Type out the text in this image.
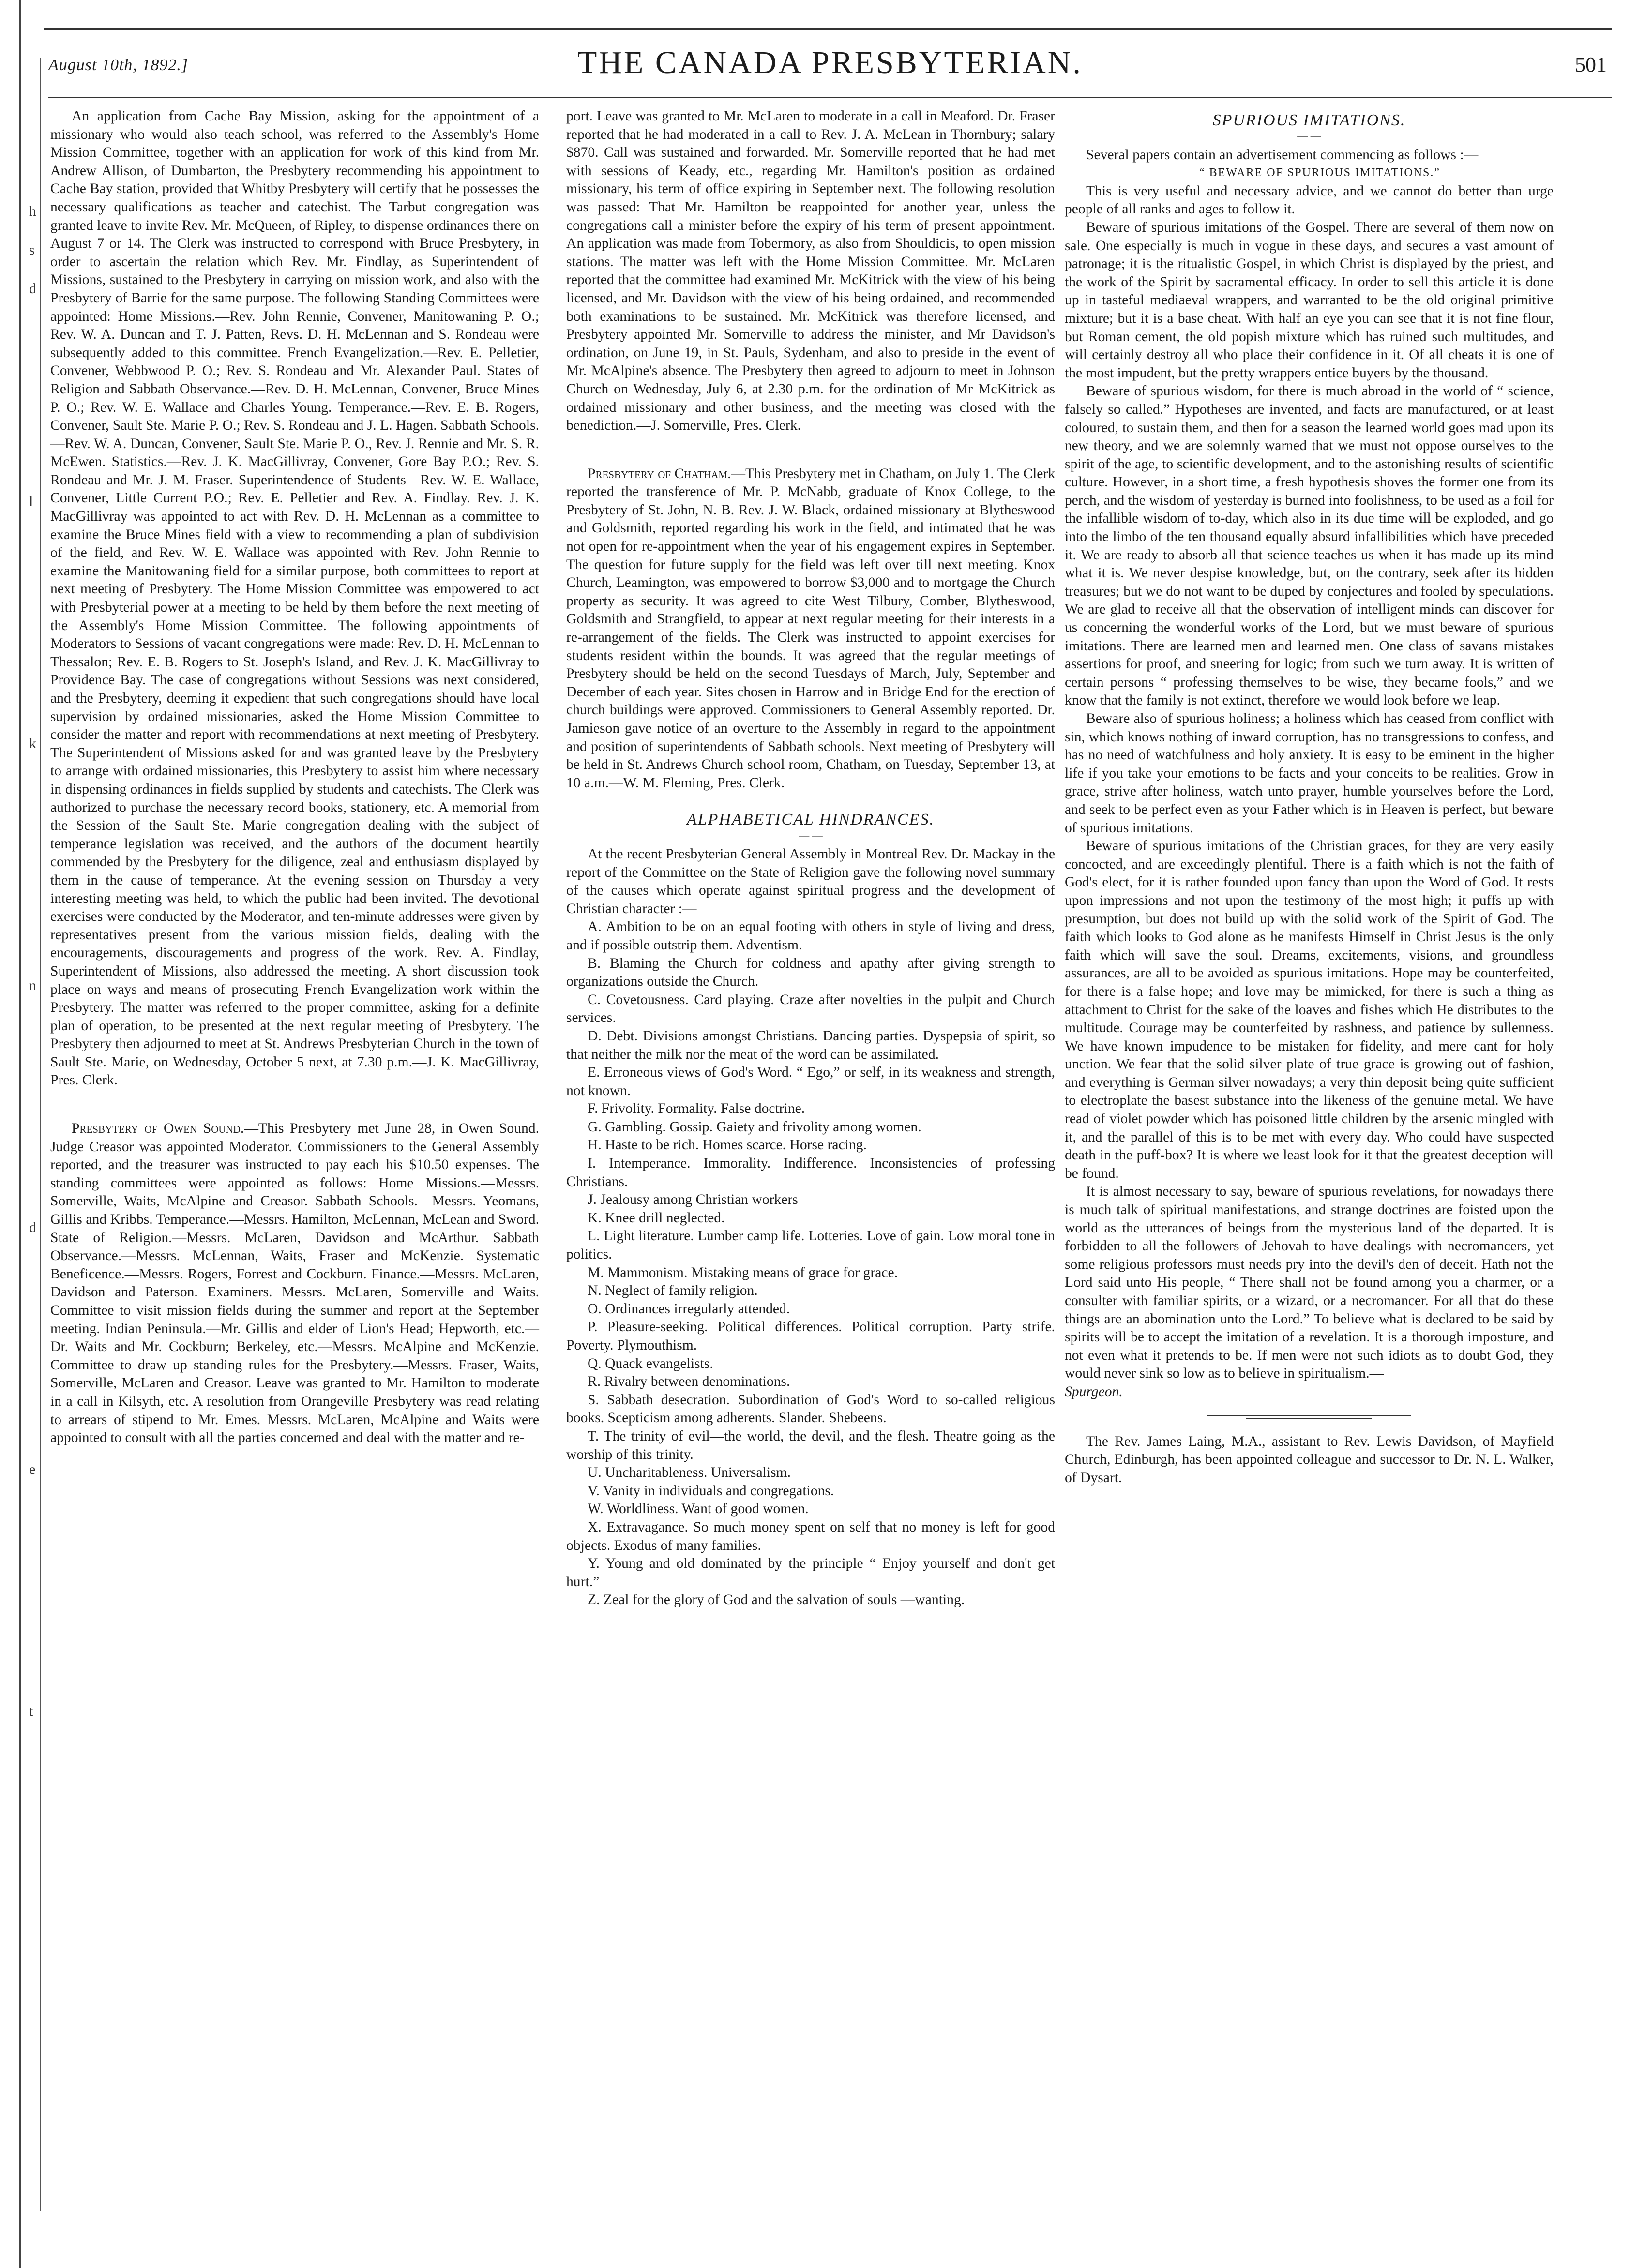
h
s
d
l
k
n
d
e
t
August 10th, 1892.]	THE CANADA PRESBYTERIAN.	501

An application from Cache Bay Mission, asking for the appointment of a missionary who would also teach school, was referred to the Assembly's Home Mission Committee, together with an application for work of this kind from Mr. Andrew Allison, of Dumbarton, the Presbytery recommending his appointment to Cache Bay station, provided that Whitby Presbytery will certify that he possesses the necessary qualifications as teacher and catechist. The Tarbut congregation was granted leave to invite Rev. Mr. McQueen, of Ripley, to dispense ordinances there on August 7 or 14. The Clerk was instructed to correspond with Bruce Presbytery, in order to ascertain the relation which Rev. Mr. Findlay, as Superintendent of Missions, sustained to the Presbytery in carrying on mission work, and also with the Presbytery of Barrie for the same purpose. The following Standing Committees were appointed: Home Missions.—Rev. John Rennie, Convener, Manitowaning P. O.; Rev. W. A. Duncan and T. J. Patten, Revs. D. H. McLennan and S. Rondeau were subsequently added to this committee. French Evangelization.—Rev. E. Pelletier, Convener, Webbwood P. O.; Rev. S. Rondeau and Mr. Alexander Paul. States of Religion and Sabbath Observance.—Rev. D. H. McLennan, Convener, Bruce Mines P. O.; Rev. W. E. Wallace and Charles Young. Temperance.—Rev. E. B. Rogers, Convener, Sault Ste. Marie P. O.; Rev. S. Rondeau and J. L. Hagen. Sabbath Schools.—Rev. W. A. Duncan, Convener, Sault Ste. Marie P. O., Rev. J. Rennie and Mr. S. R. McEwen. Statistics.—Rev. J. K. MacGillivray, Convener, Gore Bay P.O.; Rev. S. Rondeau and Mr. J. M. Fraser. Superintendence of Students—Rev. W. E. Wallace, Convener, Little Current P.O.; Rev. E. Pelletier and Rev. A. Findlay. Rev. J. K. MacGillivray was appointed to act with Rev. D. H. McLennan as a committee to examine the Bruce Mines field with a view to recommending a plan of subdivision of the field, and Rev. W. E. Wallace was appointed with Rev. John Rennie to examine the Manitowaning field for a similar purpose, both committees to report at next meeting of Presbytery. The Home Mission Committee was empowered to act with Presbyterial power at a meeting to be held by them before the next meeting of the Assembly's Home Mission Committee. The following appointments of Moderators to Sessions of vacant congregations were made: Rev. D. H. McLennan to Thessalon; Rev. E. B. Rogers to St. Joseph's Island, and Rev. J. K. MacGillivray to Providence Bay. The case of congregations without Sessions was next considered, and the Presbytery, deeming it expedient that such congregations should have local supervision by ordained missionaries, asked the Home Mission Committee to consider the matter and report with recommendations at next meeting of Presbytery. The Superintendent of Missions asked for and was granted leave by the Presbytery to arrange with ordained missionaries, this Presbytery to assist him where necessary in dispensing ordinances in fields supplied by students and catechists. The Clerk was authorized to purchase the necessary record books, stationery, etc. A memorial from the Session of the Sault Ste. Marie congregation dealing with the subject of temperance legislation was received, and the authors of the document heartily commended by the Presbytery for the diligence, zeal and enthusiasm displayed by them in the cause of temperance. At the evening session on Thursday a very interesting meeting was held, to which the public had been invited. The devotional exercises were conducted by the Moderator, and ten-minute addresses were given by representatives present from the various mission fields, dealing with the encouragements, discouragements and progress of the work. Rev. A. Findlay, Superintendent of Missions, also addressed the meeting. A short discussion took place on ways and means of prosecuting French Evangelization work within the Presbytery. The matter was referred to the proper committee, asking for a definite plan of operation, to be presented at the next regular meeting of Presbytery. The Presbytery then adjourned to meet at St. Andrews Presbyterian Church in the town of Sault Ste. Marie, on Wednesday, October 5 next, at 7.30 p.m.—J. K. MacGillivray, Pres. Clerk.

Presbytery of Owen Sound.—This Presbytery met June 28, in Owen Sound. Judge Creasor was appointed Moderator. Commissioners to the General Assembly reported, and the treasurer was instructed to pay each his $10.50 expenses. The standing committees were appointed as follows: Home Missions.—Messrs. Somerville, Waits, McAlpine and Creasor. Sabbath Schools.—Messrs. Yeomans, Gillis and Kribbs. Temperance.—Messrs. Hamilton, McLennan, McLean and Sword. State of Religion.—Messrs. McLaren, Davidson and McArthur. Sabbath Observance.—Messrs. McLennan, Waits, Fraser and McKenzie. Systematic Beneficence.—Messrs. Rogers, Forrest and Cockburn. Finance.—Messrs. McLaren, Davidson and Paterson. Examiners. Messrs. McLaren, Somerville and Waits. Committee to visit mission fields during the summer and report at the September meeting. Indian Peninsula.—Mr. Gillis and elder of Lion's Head; Hepworth, etc.—Dr. Waits and Mr. Cockburn; Berkeley, etc.—Messrs. McAlpine and McKenzie. Committee to draw up standing rules for the Presbytery.—Messrs. Fraser, Waits, Somerville, McLaren and Creasor. Leave was granted to Mr. Hamilton to moderate in a call in Kilsyth, etc. A resolution from Orangeville Presbytery was read relating to arrears of stipend to Mr. Emes. Messrs. McLaren, McAlpine and Waits were appointed to consult with all the parties concerned and deal with the matter and re-

port. Leave was granted to Mr. McLaren to moderate in a call in Meaford. Dr. Fraser reported that he had moderated in a call to Rev. J. A. McLean in Thornbury; salary $870. Call was sustained and forwarded. Mr. Somerville reported that he had met with sessions of Keady, etc., regarding Mr. Hamilton's position as ordained missionary, his term of office expiring in September next. The following resolution was passed: That Mr. Hamilton be reappointed for another year, unless the congregations call a minister before the expiry of his term of present appointment. An application was made from Tobermory, as also from Shouldicis, to open mission stations. The matter was left with the Home Mission Committee. Mr. McLaren reported that the committee had examined Mr. McKitrick with the view of his being licensed, and Mr. Davidson with the view of his being ordained, and recommended both examinations to be sustained. Mr. McKitrick was therefore licensed, and Presbytery appointed Mr. Somerville to address the minister, and Mr Davidson's ordination, on June 19, in St. Pauls, Sydenham, and also to preside in the event of Mr. McAlpine's absence. The Presbytery then agreed to adjourn to meet in Johnson Church on Wednesday, July 6, at 2.30 p.m. for the ordination of Mr McKitrick as ordained missionary and other business, and the meeting was closed with the benediction.—J. Somerville, Pres. Clerk.

Presbytery of Chatham.—This Presbytery met in Chatham, on July 1. The Clerk reported the transference of Mr. P. McNabb, graduate of Knox College, to the Presbytery of St. John, N. B. Rev. J. W. Black, ordained missionary at Blytheswood and Goldsmith, reported regarding his work in the field, and intimated that he was not open for re-appointment when the year of his engagement expires in September. The question for future supply for the field was left over till next meeting. Knox Church, Leamington, was empowered to borrow $3,000 and to mortgage the Church property as security. It was agreed to cite West Tilbury, Comber, Blytheswood, Goldsmith and Strangfield, to appear at next regular meeting for their interests in a re-arrangement of the fields. The Clerk was instructed to appoint exercises for students resident within the bounds. It was agreed that the regular meetings of Presbytery should be held on the second Tuesdays of March, July, September and December of each year. Sites chosen in Harrow and in Bridge End for the erection of church buildings were approved. Commissioners to General Assembly reported. Dr. Jamieson gave notice of an overture to the Assembly in regard to the appointment and position of superintendents of Sabbath schools. Next meeting of Presbytery will be held in St. Andrews Church school room, Chatham, on Tuesday, September 13, at 10 a.m.—W. M. Fleming, Pres. Clerk.

ALPHABETICAL HINDRANCES.
— —

At the recent Presbyterian General Assembly in Montreal Rev. Dr. Mackay in the report of the Committee on the State of Religion gave the following novel summary of the causes which operate against spiritual progress and the development of Christian character :—

A. Ambition to be on an equal footing with others in style of living and dress, and if possible outstrip them. Adventism.

B. Blaming the Church for coldness and apathy after giving strength to organizations outside the Church.

C. Covetousness. Card playing. Craze after novelties in the pulpit and Church services.

D. Debt. Divisions amongst Christians. Dancing parties. Dyspepsia of spirit, so that neither the milk nor the meat of the word can be assimilated.

E. Erroneous views of God's Word. “ Ego,” or self, in its weakness and strength, not known.

F. Frivolity. Formality. False doctrine.

G. Gambling. Gossip. Gaiety and frivolity among women.

H. Haste to be rich. Homes scarce. Horse racing.

I. Intemperance. Immorality. Indifference. Inconsistencies of professing Christians.

J. Jealousy among Christian workers

K. Knee drill neglected.

L. Light literature. Lumber camp life. Lotteries. Love of gain. Low moral tone in politics.

M. Mammonism. Mistaking means of grace for grace.

N. Neglect of family religion.

O. Ordinances irregularly attended.

P. Pleasure-seeking. Political differences. Political corruption. Party strife. Poverty. Plymouthism.

Q. Quack evangelists.

R. Rivalry between denominations.

S. Sabbath desecration. Subordination of God's Word to so-called religious books. Scepticism among adherents. Slander. Shebeens.

T. The trinity of evil—the world, the devil, and the flesh. Theatre going as the worship of this trinity.

U. Uncharitableness. Universalism.

V. Vanity in individuals and congregations.

W. Worldliness. Want of good women.

X. Extravagance. So much money spent on self that no money is left for good objects. Exodus of many families.

Y. Young and old dominated by the principle “ Enjoy yourself and don't get hurt.”

Z. Zeal for the glory of God and the salvation of souls —wanting.

SPURIOUS IMITATIONS.
— —

Several papers contain an advertisement commencing as follows :—

“ BEWARE OF SPURIOUS IMITATIONS.”

This is very useful and necessary advice, and we cannot do better than urge people of all ranks and ages to follow it.

Beware of spurious imitations of the Gospel. There are several of them now on sale. One especially is much in vogue in these days, and secures a vast amount of patronage; it is the ritualistic Gospel, in which Christ is displayed by the priest, and the work of the Spirit by sacramental efficacy. In order to sell this article it is done up in tasteful mediaeval wrappers, and warranted to be the old original primitive mixture; but it is a base cheat. With half an eye you can see that it is not fine flour, but Roman cement, the old popish mixture which has ruined such multitudes, and will certainly destroy all who place their confidence in it. Of all cheats it is one of the most impudent, but the pretty wrappers entice buyers by the thousand.

Beware of spurious wisdom, for there is much abroad in the world of “ science, falsely so called.” Hypotheses are invented, and facts are manufactured, or at least coloured, to sustain them, and then for a season the learned world goes mad upon its new theory, and we are solemnly warned that we must not oppose ourselves to the spirit of the age, to scientific development, and to the astonishing results of scientific culture. However, in a short time, a fresh hypothesis shoves the former one from its perch, and the wisdom of yesterday is burned into foolishness, to be used as a foil for the infallible wisdom of to-day, which also in its due time will be exploded, and go into the limbo of the ten thousand equally absurd infallibilities which have preceded it. We are ready to absorb all that science teaches us when it has made up its mind what it is. We never despise knowledge, but, on the contrary, seek after its hidden treasures; but we do not want to be duped by conjectures and fooled by speculations. We are glad to receive all that the observation of intelligent minds can discover for us concerning the wonderful works of the Lord, but we must beware of spurious imitations. There are learned men and learned men. One class of savans mistakes assertions for proof, and sneering for logic; from such we turn away. It is written of certain persons “ professing themselves to be wise, they became fools,” and we know that the family is not extinct, therefore we would look before we leap.

Beware also of spurious holiness; a holiness which has ceased from conflict with sin, which knows nothing of inward corruption, has no transgressions to confess, and has no need of watchfulness and holy anxiety. It is easy to be eminent in the higher life if you take your emotions to be facts and your conceits to be realities. Grow in grace, strive after holiness, watch unto prayer, humble yourselves before the Lord, and seek to be perfect even as your Father which is in Heaven is perfect, but beware of spurious imitations.

Beware of spurious imitations of the Christian graces, for they are very easily concocted, and are exceedingly plentiful. There is a faith which is not the faith of God's elect, for it is rather founded upon fancy than upon the Word of God. It rests upon impressions and not upon the testimony of the most high; it puffs up with presumption, but does not build up with the solid work of the Spirit of God. The faith which looks to God alone as he manifests Himself in Christ Jesus is the only faith which will save the soul. Dreams, excitements, visions, and groundless assurances, are all to be avoided as spurious imitations. Hope may be counterfeited, for there is a false hope; and love may be mimicked, for there is such a thing as attachment to Christ for the sake of the loaves and fishes which He distributes to the multitude. Courage may be counterfeited by rashness, and patience by sullenness. We have known impudence to be mistaken for fidelity, and mere cant for holy unction. We fear that the solid silver plate of true grace is growing out of fashion, and everything is German silver nowadays; a very thin deposit being quite sufficient to electroplate the basest substance into the likeness of the genuine metal. We have read of violet powder which has poisoned little children by the arsenic mingled with it, and the parallel of this is to be met with every day. Who could have suspected death in the puff-box? It is where we least look for it that the greatest deception will be found.

It is almost necessary to say, beware of spurious revelations, for nowadays there is much talk of spiritual manifestations, and strange doctrines are foisted upon the world as the utterances of beings from the mysterious land of the departed. It is forbidden to all the followers of Jehovah to have dealings with necromancers, yet some religious professors must needs pry into the devil's den of deceit. Hath not the Lord said unto His people, “ There shall not be found among you a charmer, or a consulter with familiar spirits, or a wizard, or a necromancer. For all that do these things are an abomination unto the Lord.” To believe what is declared to be said by spirits will be to accept the imitation of a revelation. It is a thorough imposture, and not even what it pretends to be. If men were not such idiots as to doubt God, they would never sink so low as to believe in spiritualism.—

Spurgeon.

The Rev. James Laing, M.A., assistant to Rev. Lewis Davidson, of Mayfield Church, Edinburgh, has been appointed colleague and successor to Dr. N. L. Walker, of Dysart.
